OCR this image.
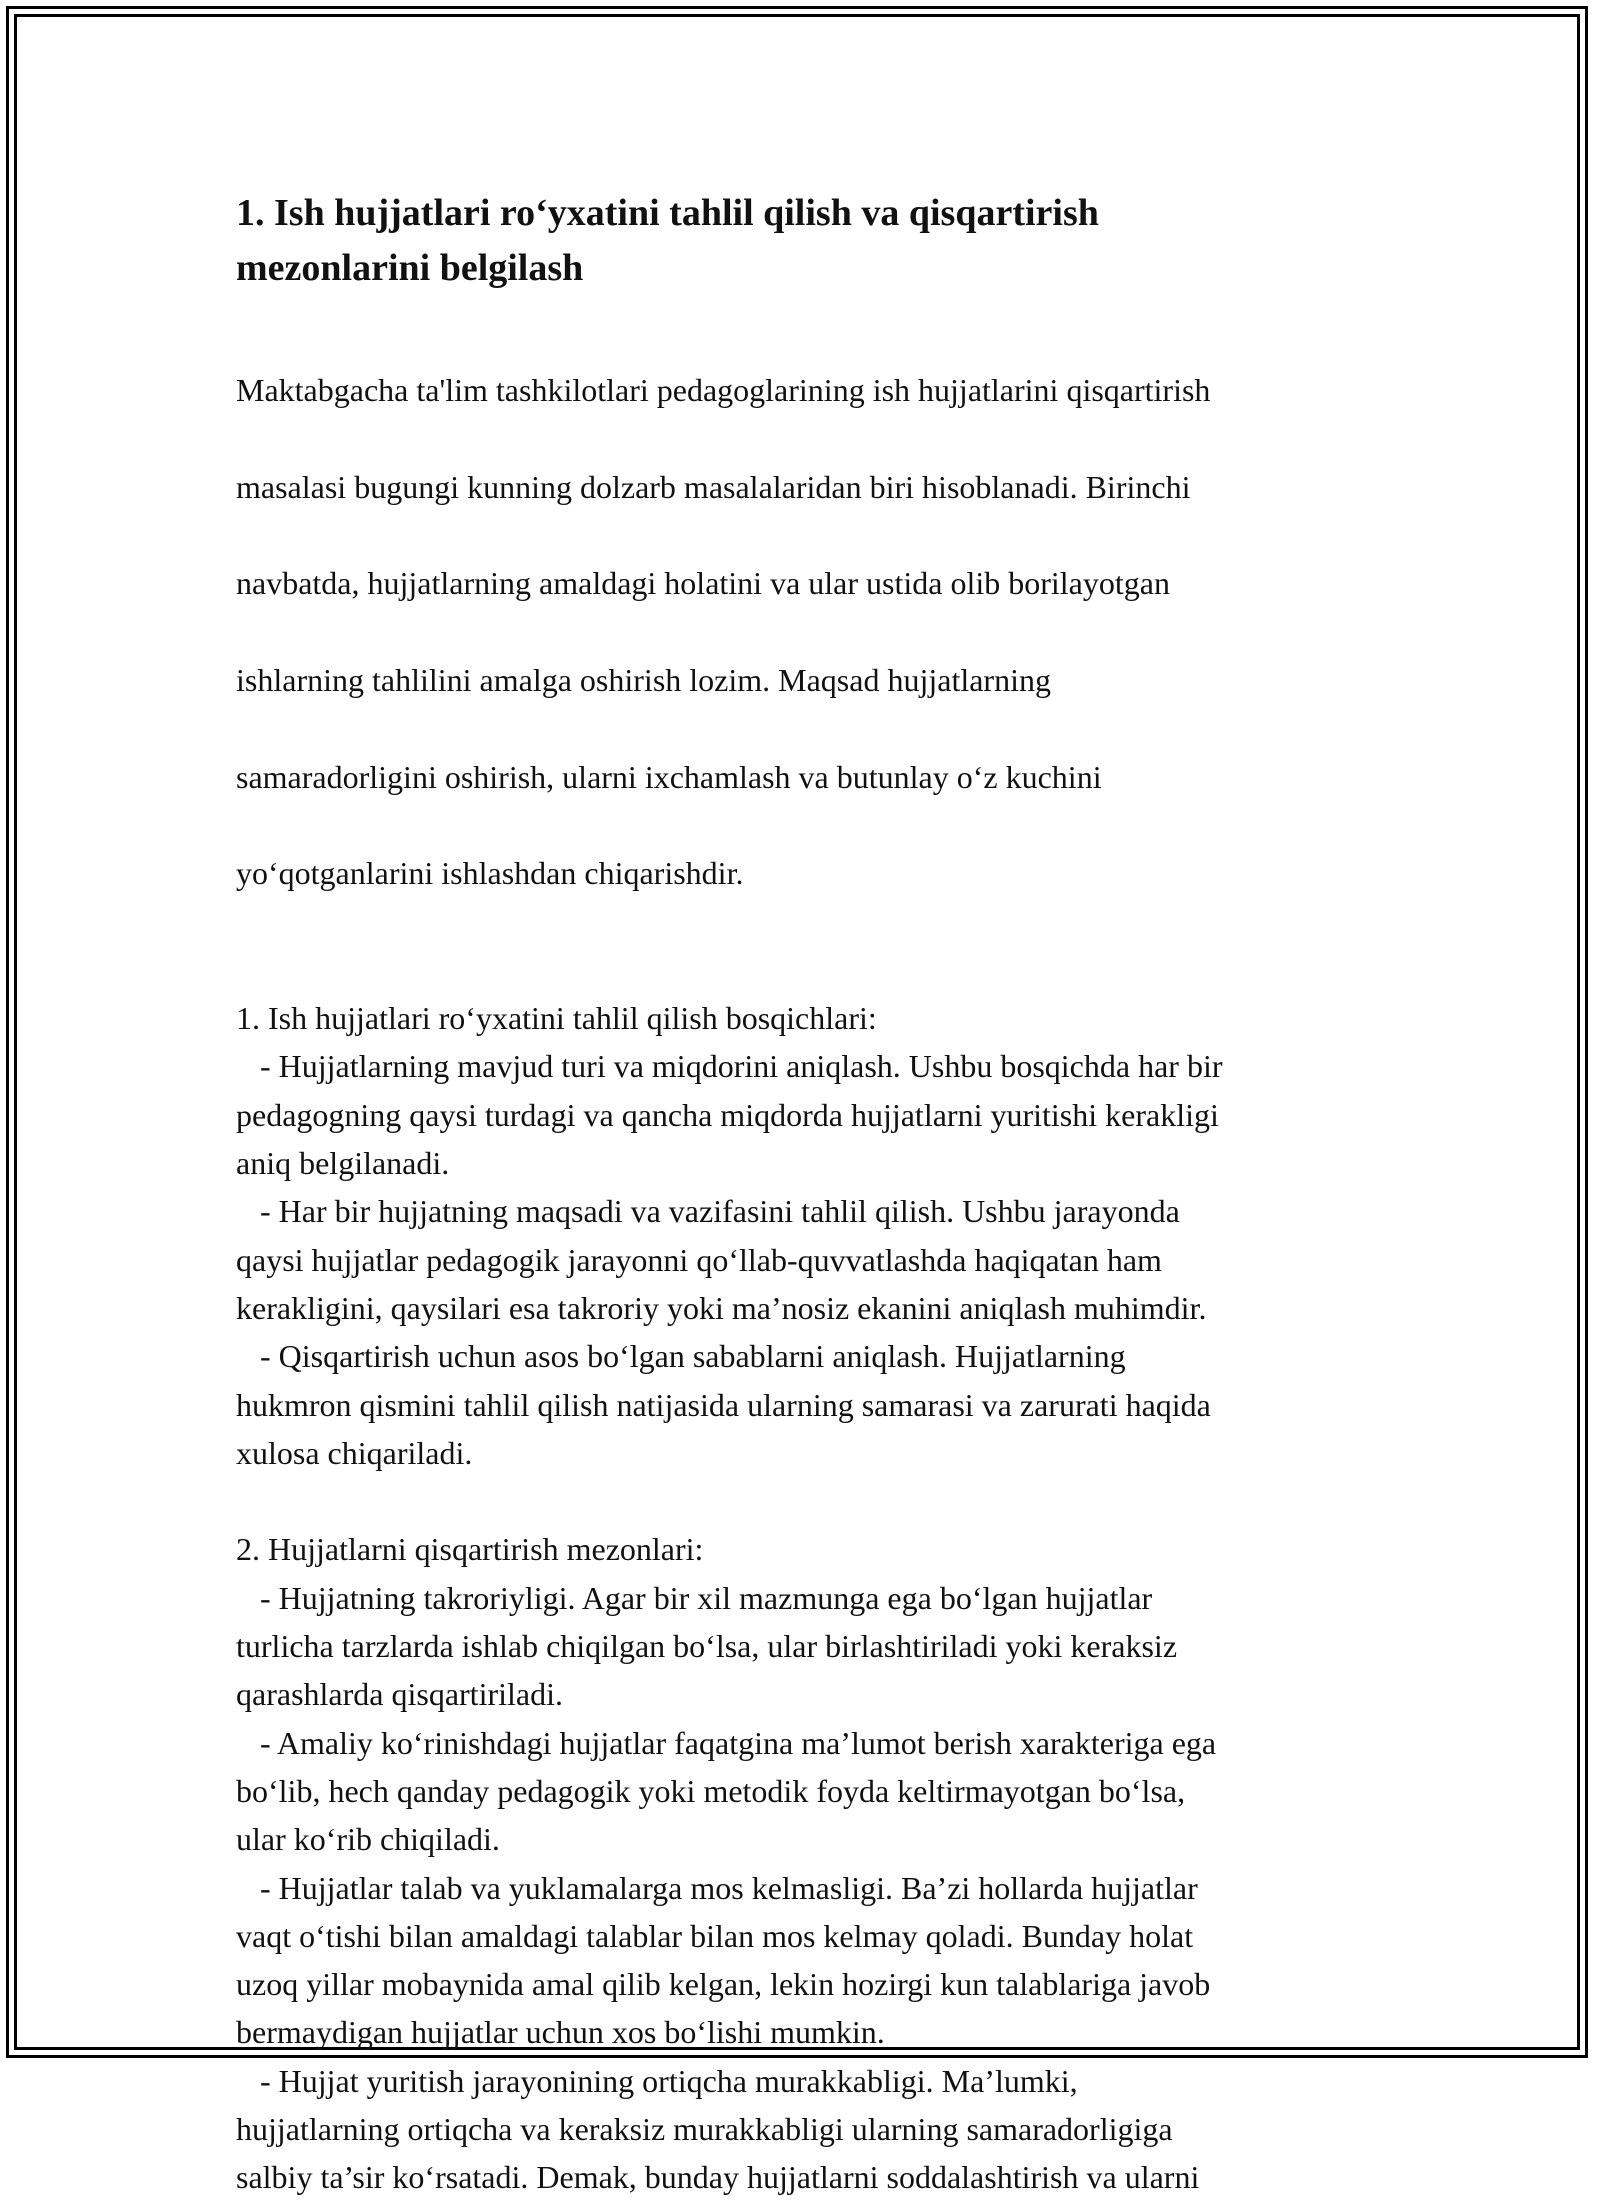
1. Ish hujjatlari ro‘yxatini tahlil qilish va qisqartirish
mezonlarini belgilash

Maktabgacha ta'lim tashkilotlari pedagoglarining ish hujjatlarini qisqartirish

masalasi bugungi kunning dolzarb masalalaridan biri hisoblanadi. Birinchi

navbatda, hujjatlarning amaldagi holatini va ular ustida olib borilayotgan

ishlarning tahlilini amalga oshirish lozim. Maqsad hujjatlarning

samaradorligini oshirish, ularni ixchamlash va butunlay o‘z kuchini

yo‘qotganlarini ishlashdan chiqarishdir.

1. Ish hujjatlari ro‘yxatini tahlil qilish bosqichlari:
- Hujjatlarning mavjud turi va miqdorini aniqlash. Ushbu bosqichda har bir
pedagogning qaysi turdagi va qancha miqdorda hujjatlarni yuritishi kerakligi
aniq belgilanadi.
- Har bir hujjatning maqsadi va vazifasini tahlil qilish. Ushbu jarayonda
qaysi hujjatlar pedagogik jarayonni qo‘llab-quvvatlashda haqiqatan ham
kerakligini, qaysilari esa takroriy yoki ma’nosiz ekanini aniqlash muhimdir.
- Qisqartirish uchun asos bo‘lgan sabablarni aniqlash. Hujjatlarning
hukmron qismini tahlil qilish natijasida ularning samarasi va zarurati haqida
xulosa chiqariladi.
2. Hujjatlarni qisqartirish mezonlari:
- Hujjatning takroriyligi. Agar bir xil mazmunga ega bo‘lgan hujjatlar
turlicha tarzlarda ishlab chiqilgan bo‘lsa, ular birlashtiriladi yoki keraksiz
qarashlarda qisqartiriladi.
- Amaliy ko‘rinishdagi hujjatlar faqatgina ma’lumot berish xarakteriga ega
bo‘lib, hech qanday pedagogik yoki metodik foyda keltirmayotgan bo‘lsa,
ular ko‘rib chiqiladi.
- Hujjatlar talab va yuklamalarga mos kelmasligi. Ba’zi hollarda hujjatlar
vaqt o‘tishi bilan amaldagi talablar bilan mos kelmay qoladi. Bunday holat
uzoq yillar mobaynida amal qilib kelgan, lekin hozirgi kun talablariga javob
bermaydigan hujjatlar uchun xos bo‘lishi mumkin.
- Hujjat yuritish jarayonining ortiqcha murakkabligi. Ma’lumki,
hujjatlarning ortiqcha va keraksiz murakkabligi ularning samaradorligiga
salbiy ta’sir ko‘rsatadi. Demak, bunday hujjatlarni soddalashtirish va ularni
